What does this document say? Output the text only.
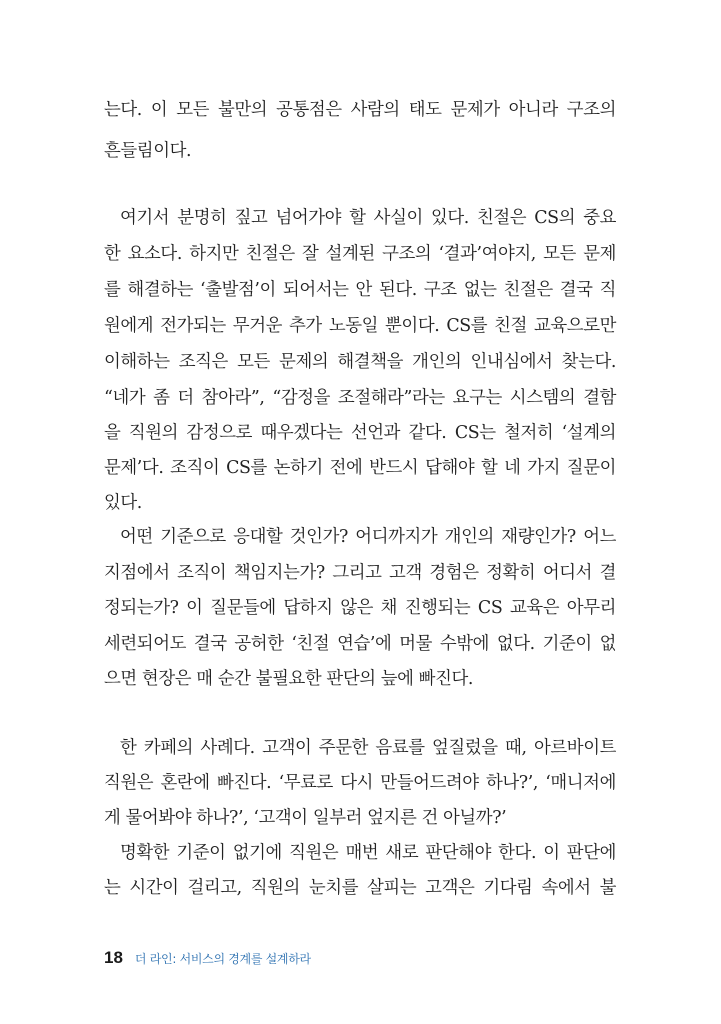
는다. 이 모든 불만의 공통점은 사람의 태도 문제가 아니라 구조의
흔들림이다.
여기서 분명히 짚고 넘어가야 할 사실이 있다. 친절은 CS의 중요
한 요소다. 하지만 친절은 잘 설계된 구조의 ‘결과’여야지, 모든 문제
를 해결하는 ‘출발점’이 되어서는 안 된다. 구조 없는 친절은 결국 직
원에게 전가되는 무거운 추가 노동일 뿐이다. CS를 친절 교육으로만
이해하는 조직은 모든 문제의 해결책을 개인의 인내심에서 찾는다.
“네가 좀 더 참아라”, “감정을 조절해라”라는 요구는 시스템의 결함
을 직원의 감정으로 때우겠다는 선언과 같다. CS는 철저히 ‘설계의
문제’다. 조직이 CS를 논하기 전에 반드시 답해야 할 네 가지 질문이
있다.
어떤 기준으로 응대할 것인가? 어디까지가 개인의 재량인가? 어느
지점에서 조직이 책임지는가? 그리고 고객 경험은 정확히 어디서 결
정되는가? 이 질문들에 답하지 않은 채 진행되는 CS 교육은 아무리
세련되어도 결국 공허한 ‘친절 연습’에 머물 수밖에 없다. 기준이 없
으면 현장은 매 순간 불필요한 판단의 늪에 빠진다.
한 카페의 사례다. 고객이 주문한 음료를 엎질렀을 때, 아르바이트
직원은 혼란에 빠진다. ‘무료로 다시 만들어드려야 하나?’, ‘매니저에
게 물어봐야 하나?’, ‘고객이 일부러 엎지른 건 아닐까?’
명확한 기준이 없기에 직원은 매번 새로 판단해야 한다. 이 판단에
는 시간이 걸리고, 직원의 눈치를 살피는 고객은 기다림 속에서 불
18 더 라인: 서비스의 경계를 설계하라
